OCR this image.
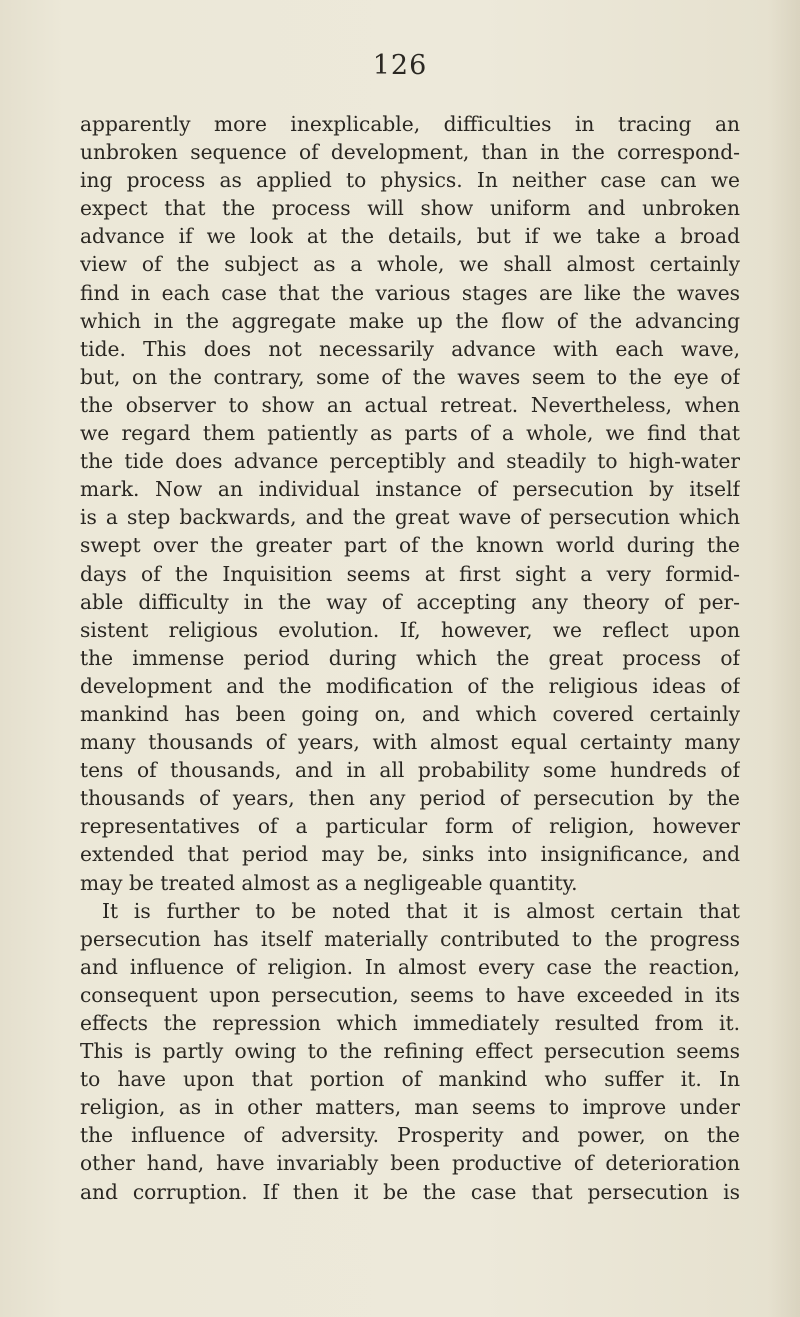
126
apparently more inexplicable, difficulties in tracing an
unbroken sequence of development, than in the correspond-
ing process as applied to physics. In neither case can we
expect that the process will show uniform and unbroken
advance if we look at the details, but if we take a broad
view of the subject as a whole, we shall almost certainly
find in each case that the various stages are like the waves
which in the aggregate make up the flow of the advancing
tide. This does not necessarily advance with each wave,
but, on the contrary, some of the waves seem to the eye of
the observer to show an actual retreat. Nevertheless, when
we regard them patiently as parts of a whole, we find that
the tide does advance perceptibly and steadily to high-water
mark. Now an individual instance of persecution by itself
is a step backwards, and the great wave of persecution which
swept over the greater part of the known world during the
days of the Inquisition seems at first sight a very formid-
able difficulty in the way of accepting any theory of per-
sistent religious evolution. If, however, we reflect upon
the immense period during which the great process of
development and the modification of the religious ideas of
mankind has been going on, and which covered certainly
many thousands of years, with almost equal certainty many
tens of thousands, and in all probability some hundreds of
thousands of years, then any period of persecution by the
representatives of a particular form of religion, however
extended that period may be, sinks into insignificance, and
may be treated almost as a negligeable quantity.
It is further to be noted that it is almost certain that
persecution has itself materially contributed to the progress
and influence of religion. In almost every case the reaction,
consequent upon persecution, seems to have exceeded in its
effects the repression which immediately resulted from it.
This is partly owing to the refining effect persecution seems
to have upon that portion of mankind who suffer it. In
religion, as in other matters, man seems to improve under
the influence of adversity. Prosperity and power, on the
other hand, have invariably been productive of deterioration
and corruption. If then it be the case that persecution is
